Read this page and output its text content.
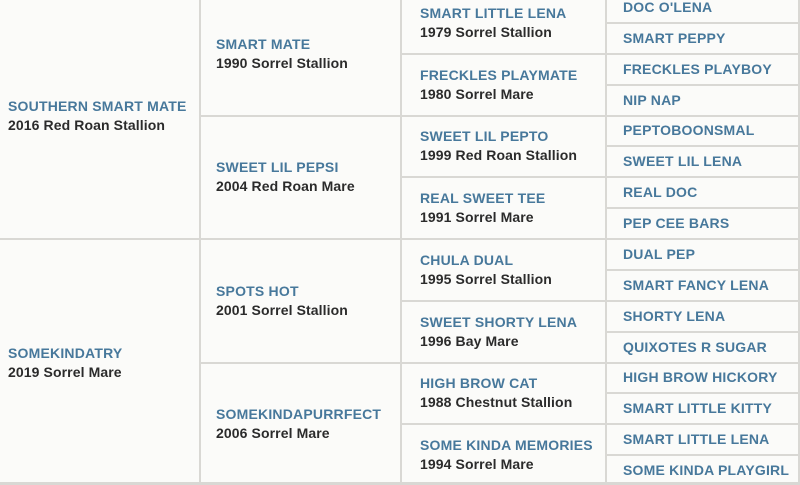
SOUTHERN SMART MATE
2016 Red Roan Stallion
SOMEKINDATRY
2019 Sorrel Mare
SMART MATE
1990 Sorrel Stallion
SWEET LIL PEPSI
2004 Red Roan Mare
SPOTS HOT
2001 Sorrel Stallion
SOMEKINDAPURRFECT
2006 Sorrel Mare
SMART LITTLE LENA
1979 Sorrel Stallion
FRECKLES PLAYMATE
1980 Sorrel Mare
SWEET LIL PEPTO
1999 Red Roan Stallion
REAL SWEET TEE
1991 Sorrel Mare
CHULA DUAL
1995 Sorrel Stallion
SWEET SHORTY LENA
1996 Bay Mare
HIGH BROW CAT
1988 Chestnut Stallion
SOME KINDA MEMORIES
1994 Sorrel Mare
DOC O'LENA
SMART PEPPY
FRECKLES PLAYBOY
NIP NAP
PEPTOBOONSMAL
SWEET LIL LENA
REAL DOC
PEP CEE BARS
DUAL PEP
SMART FANCY LENA
SHORTY LENA
QUIXOTES R SUGAR
HIGH BROW HICKORY
SMART LITTLE KITTY
SMART LITTLE LENA
SOME KINDA PLAYGIRL
